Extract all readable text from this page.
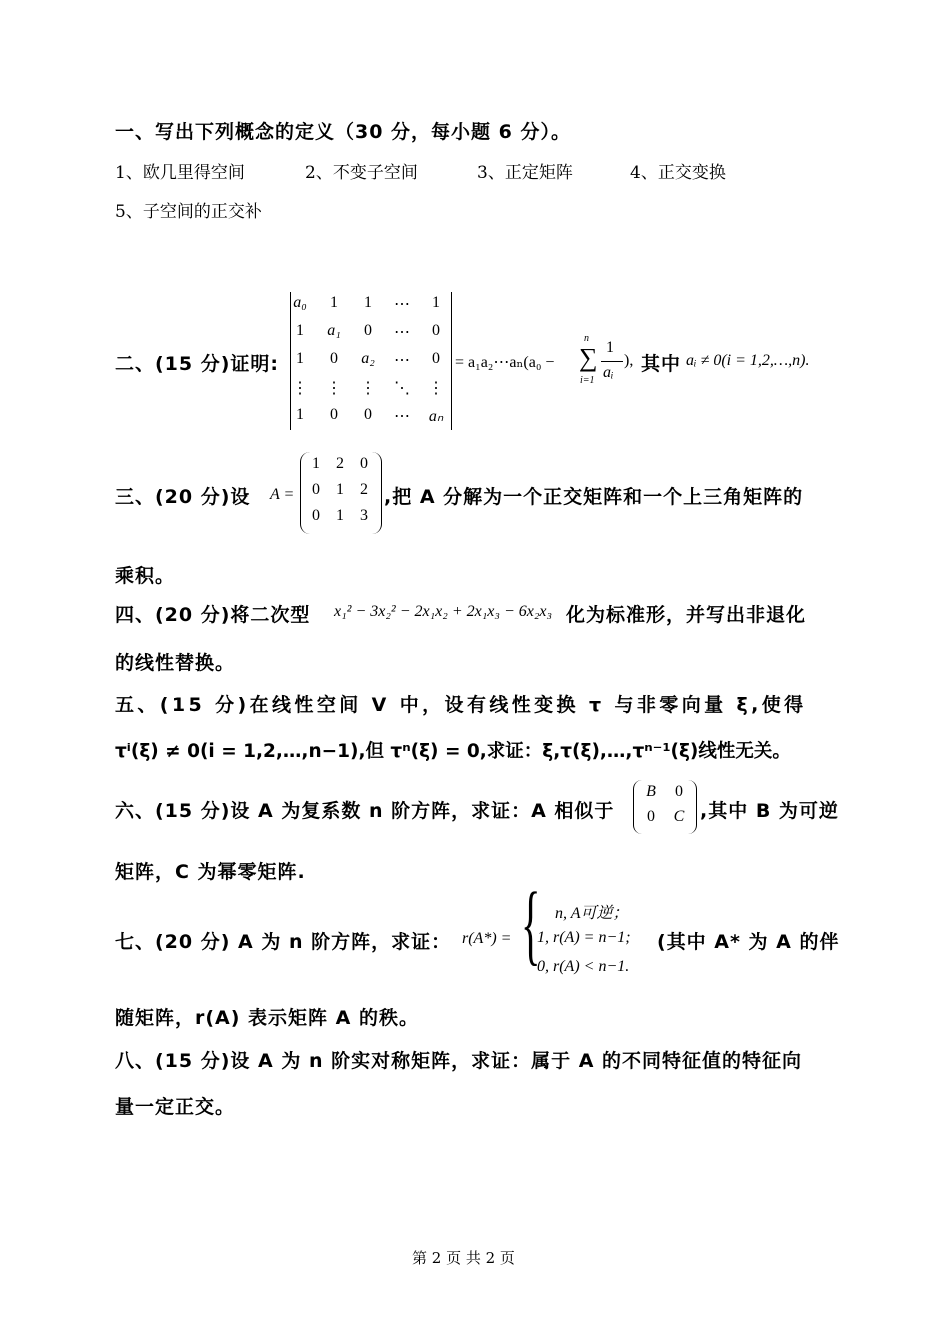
一、写出下列概念的定义（30 分，每小题 6 分）。
1、欧几里得空间	2、不变子空间	3、正定矩阵	4、正交变换
5、子空间的正交补
二、(15 分)证明:
a₀	1	1	⋯	1
1	a₁	0	⋯	0
1	0	a₂	⋯	0
⋮	⋮	⋮	⋱	⋮
1	0	0	⋯	aₙ
= a₁a₂⋯aₙ(a₀ −
n
∑
i=1
1
aᵢ
), 其中 aᵢ ≠ 0(i = 1,2,…,n).
三、(20 分)设 A =
1	2	0
0	1	2
0	1	3
,把 A 分解为一个正交矩阵和一个上三角矩阵的
乘积。
四、(20 分)将二次型 x₁² − 3x₂² − 2x₁x₂ + 2x₁x₃ − 6x₂x₃ 化为标准形，并写出非退化
的线性替换。
五、(15 分)在线性空间 V 中，设有线性变换 τ 与非零向量 ξ,使得
τⁱ(ξ) ≠ 0(i = 1,2,…,n−1),但 τⁿ(ξ) = 0,求证：ξ,τ(ξ),…,τⁿ⁻¹(ξ)线性无关。
六、(15 分)设 A 为复系数 n 阶方阵，求证：A 相似于
B	0
0	C ,其中 B 为可逆
矩阵，C 为幂零矩阵.
七、(20 分) A 为 n 阶方阵，求证： r(A*) = { n, A可逆；
1, r(A) = n−1;
0, r(A) < n−1.
(其中 A* 为 A 的伴
随矩阵，r(A) 表示矩阵 A 的秩。
八、(15 分)设 A 为 n 阶实对称矩阵，求证：属于 A 的不同特征值的特征向
量一定正交。
第 2 页 共 2 页
